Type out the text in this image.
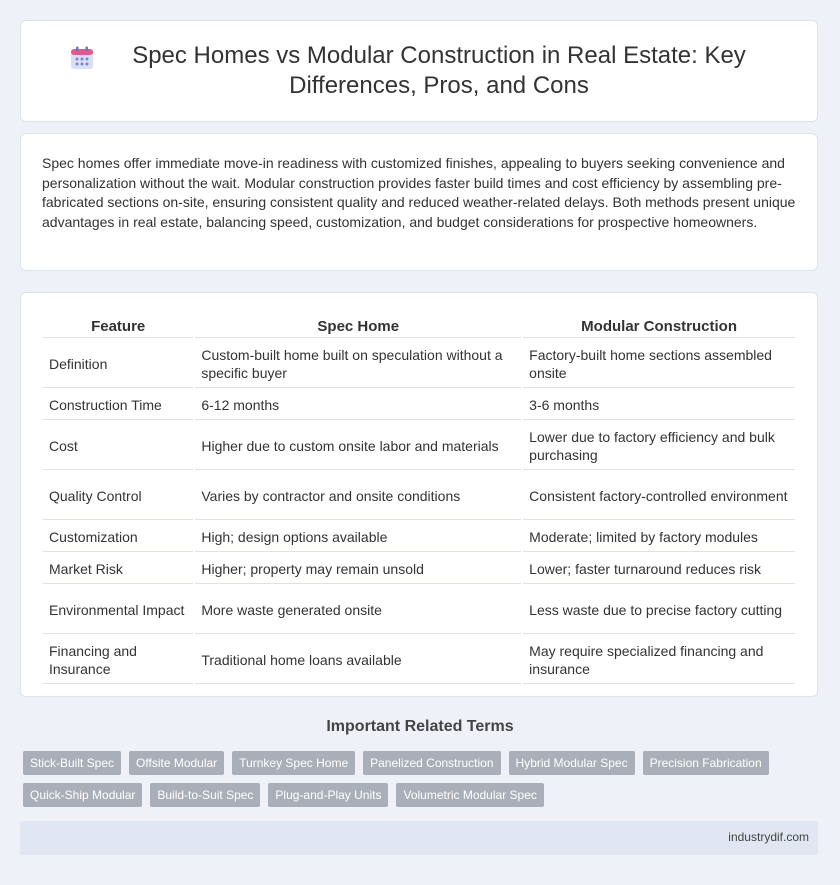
Spec Homes vs Modular Construction in Real Estate: Key Differences, Pros, and Cons

Spec homes offer immediate move-in readiness with customized finishes, appealing to buyers seeking convenience and personalization without the wait. Modular construction provides faster build times and cost efficiency by assembling pre-fabricated sections on-site, ensuring consistent quality and reduced weather-related delays. Both methods present unique advantages in real estate, balancing speed, customization, and budget considerations for prospective homeowners.

Feature	Spec Home	Modular Construction
Definition	Custom-built home built on speculation without a specific buyer	Factory-built home sections assembled onsite
Construction Time	6-12 months	3-6 months
Cost	Higher due to custom onsite labor and materials	Lower due to factory efficiency and bulk purchasing
Quality Control	Varies by contractor and onsite conditions	Consistent factory-controlled environment
Customization	High; design options available	Moderate; limited by factory modules
Market Risk	Higher; property may remain unsold	Lower; faster turnaround reduces risk
Environmental Impact	More waste generated onsite	Less waste due to precise factory cutting
Financing and Insurance	Traditional home loans available	May require specialized financing and insurance
Important Related Terms
Stick-Built Spec	Offsite Modular	Turnkey Spec Home	Panelized Construction	Hybrid Modular Spec	Precision Fabrication
Quick-Ship Modular	Build-to-Suit Spec	Plug-and-Play Units	Volumetric Modular Spec
industrydif.com
